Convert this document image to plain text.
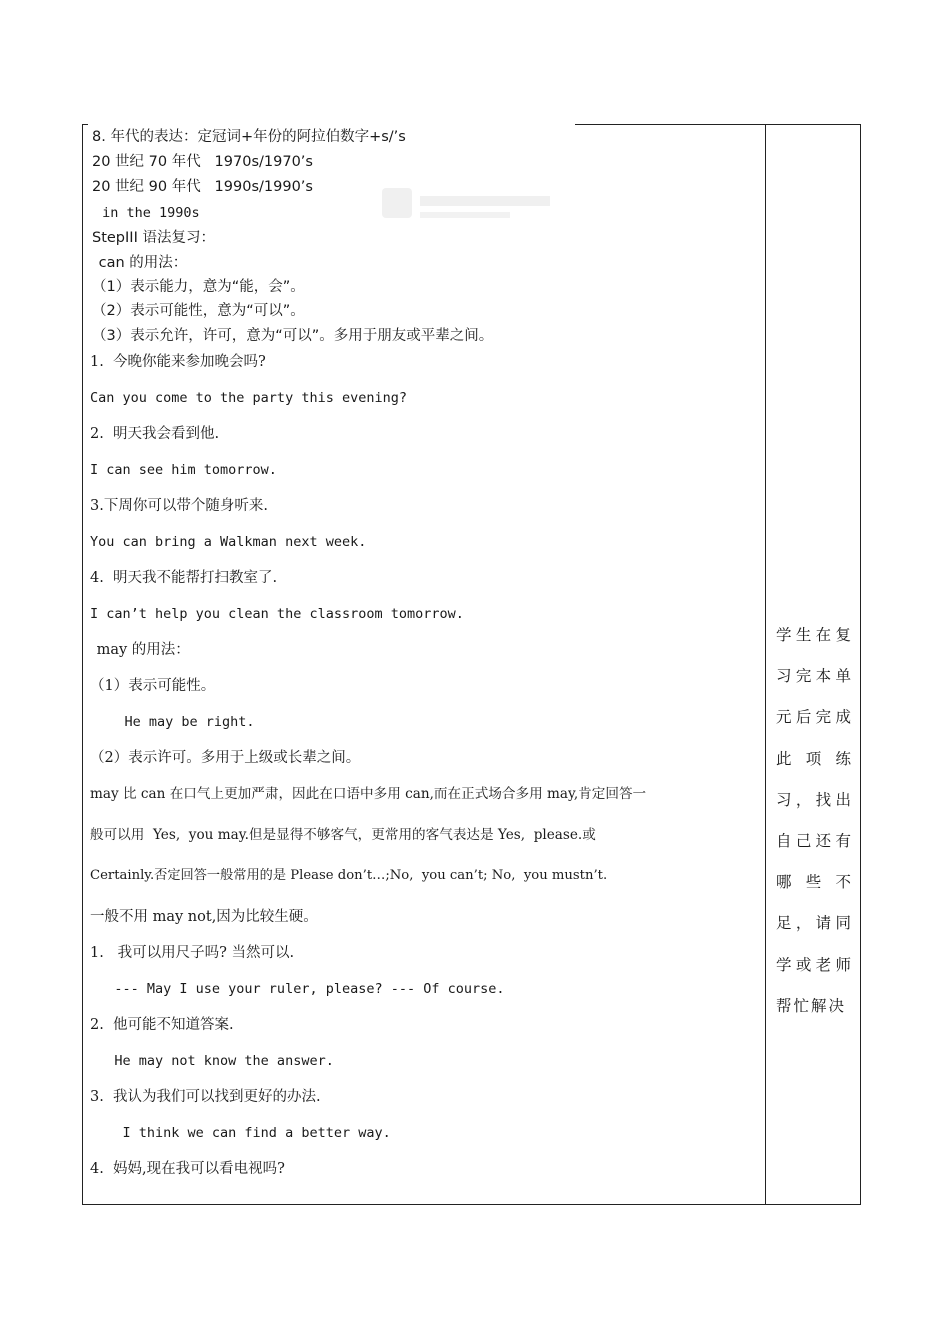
8. 年代的表达：定冠词+年份的阿拉伯数字+s/’s
20 世纪 70 年代   1970s/1970’s
20 世纪 90 年代   1990s/1990’s
in the 1990s
StepIII 语法复习：
can 的用法：
（1）表示能力，意为“能，会”。
（2）表示可能性，意为“可以”。
（3）表示允许，许可，意为“可以”。多用于朋友或平辈之间。
1.  今晚你能来参加晚会吗?
Can you come to the party this evening?
2.  明天我会看到他.
I can see him tomorrow.
3.下周你可以带个随身听来.
You can bring a Walkman next week.
4.  明天我不能帮打扫教室了.
I can’t help you clean the classroom tomorrow.
may 的用法：
（1）表示可能性。
He may be right.
（2）表示许可。多用于上级或长辈之间。
may 比 can 在口气上更加严肃，因此在口语中多用 can,而在正式场合多用 may,肯定回答一
般可以用  Yes,  you may.但是显得不够客气，更常用的客气表达是 Yes,  please.或
Certainly.否定回答一般常用的是 Please don’t…;No,  you can’t; No,  you mustn’t.
一般不用 may not,因为比较生硬。
1.   我可以用尺子吗? 当然可以.
--- May I use your ruler, please? --- Of course.
2.  他可能不知道答案.
He may not know the answer.
3.  我认为我们可以找到更好的办法.
I think we can find a better way.
4.  妈妈,现在我可以看电视吗?
学生在复
习完本单
元后完成
此 项 练
习，找出
自己还有
哪 些 不
足，请同
学或老师
帮忙解决
